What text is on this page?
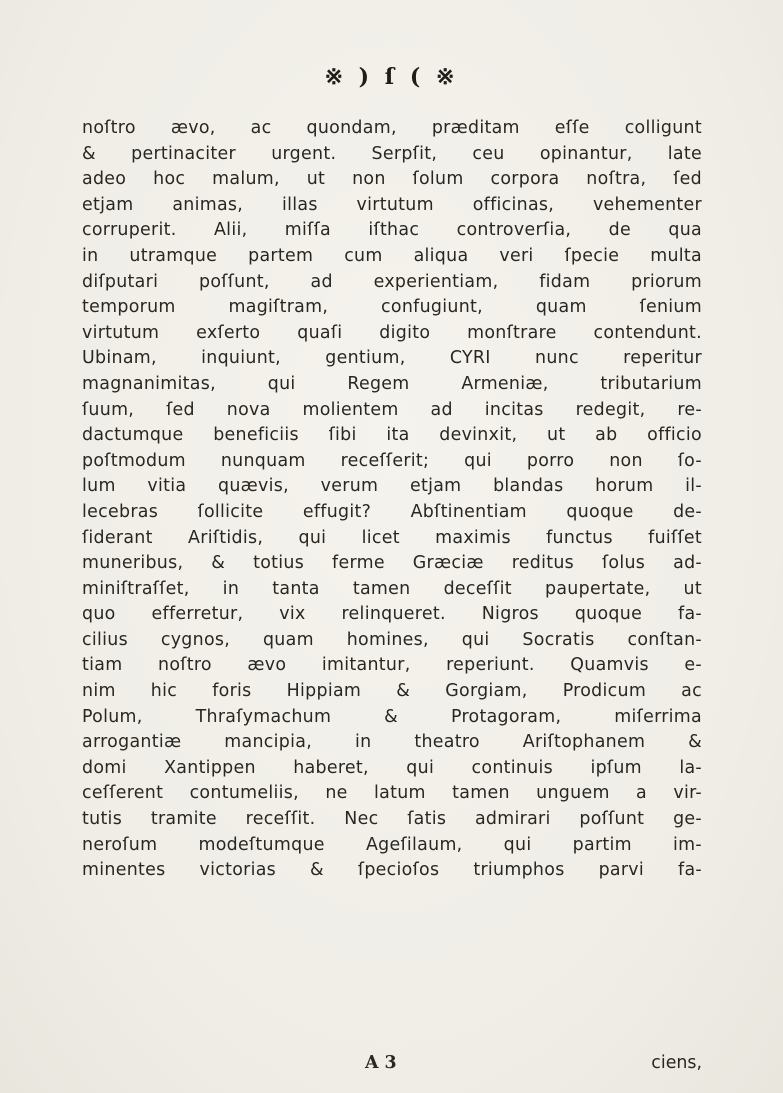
※ ) ſ ( ※
noſtro ævo, ac quondam, præditam eſſe colligunt
& pertinaciter urgent. Serpſit, ceu opinantur, late
adeo hoc malum, ut non ſolum corpora noſtra, ſed
etjam animas, illas virtutum officinas, vehementer
corruperit. Alii, miſſa iſthac controverſia, de qua
in utramque partem cum aliqua veri ſpecie multa
diſputari poſſunt, ad experientiam, fidam priorum
temporum magiſtram, confugiunt, quam ſenium
virtutum exſerto quaſi digito monſtrare contendunt.
Ubinam, inquiunt, gentium, CYRI nunc reperitur
magnanimitas, qui Regem Armeniæ, tributarium
ſuum, ſed nova molientem ad incitas redegit, re-
dactumque beneficiis ſibi ita devinxit, ut ab officio
poſtmodum nunquam receſſerit; qui porro non ſo-
lum vitia quævis, verum etjam blandas horum il-
lecebras ſollicite effugit? Abſtinentiam quoque de-
ſiderant Ariſtidis, qui licet maximis functus fuiſſet
muneribus, & totius ferme Græciæ reditus ſolus ad-
miniſtraſſet, in tanta tamen deceſſit paupertate, ut
quo efferretur, vix relinqueret. Nigros quoque fa-
cilius cygnos, quam homines, qui Socratis conſtan-
tiam noſtro ævo imitantur, reperiunt. Quamvis e-
nim hic foris Hippiam & Gorgiam, Prodicum ac
Polum, Thraſymachum & Protagoram, miſerrima
arrogantiæ mancipia, in theatro Ariſtophanem &
domi Xantippen haberet, qui continuis ipſum la-
ceſſerent contumeliis, ne latum tamen unguem a vir-
tutis tramite receſſit. Nec ſatis admirari poſſunt ge-
neroſum modeſtumque Ageſilaum, qui partim im-
minentes victorias & ſpecioſos triumphos parvi fa-
A 3	ciens,
